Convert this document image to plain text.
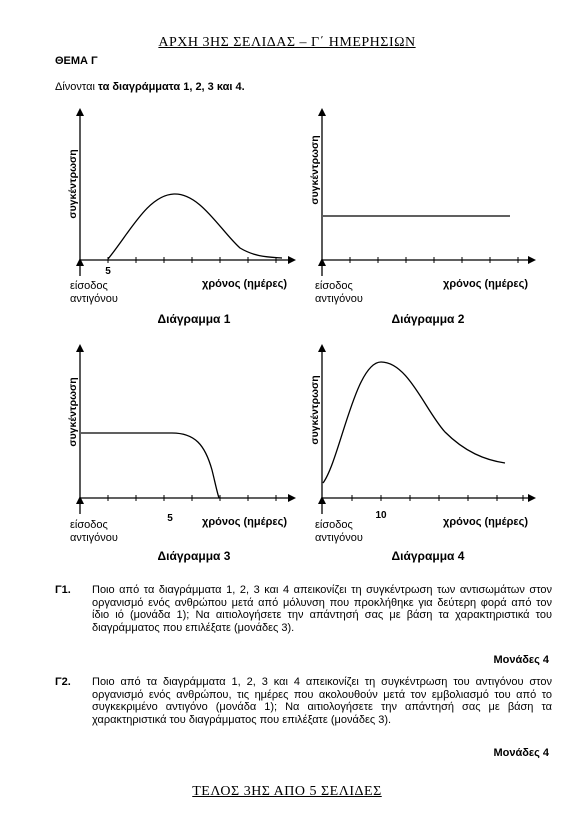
ΑΡΧΗ 3ΗΣ ΣΕΛΙΔΑΣ – Γ΄ ΗΜΕΡΗΣΙΩΝ
ΘΕΜΑ Γ
Δίνονται τα διαγράμματα 1, 2, 3 και 4.
συγκέντρωση
5
είσοδος
αντιγόνου
χρόνος (ημέρες)
Διάγραμμα 1
συγκέντρωση
είσοδος
αντιγόνου
χρόνος (ημέρες)
Διάγραμμα 2
συγκέντρωση
5
είσοδος
αντιγόνου
χρόνος (ημέρες)
Διάγραμμα 3
συγκέντρωση
10
είσοδος
αντιγόνου
χρόνος (ημέρες)
Διάγραμμα 4
Γ1. Ποιο από τα διαγράμματα 1, 2, 3 και 4 απεικονίζει τη συγκέντρωση των αντισωμάτων στον οργανισμό ενός ανθρώπου μετά από μόλυνση που προκλήθηκε για δεύτερη φορά από τον ίδιο ιό (μονάδα 1); Να αιτιολογήσετε την απάντησή σας με βάση τα χαρακτηριστικά του διαγράμματος που επιλέξατε (μονάδες 3).
Μονάδες 4
Γ2. Ποιο από τα διαγράμματα 1, 2, 3 και 4 απεικονίζει τη συγκέντρωση του αντιγόνου στον οργανισμό ενός ανθρώπου, τις ημέρες που ακολουθούν μετά τον εμβολιασμό του από το συγκεκριμένο αντιγόνο (μονάδα 1); Να αιτιολογήσετε την απάντησή σας με βάση τα χαρακτηριστικά του διαγράμματος που επιλέξατε (μονάδες 3).
Μονάδες 4
ΤΕΛΟΣ 3ΗΣ ΑΠΟ 5 ΣΕΛΙΔΕΣ
